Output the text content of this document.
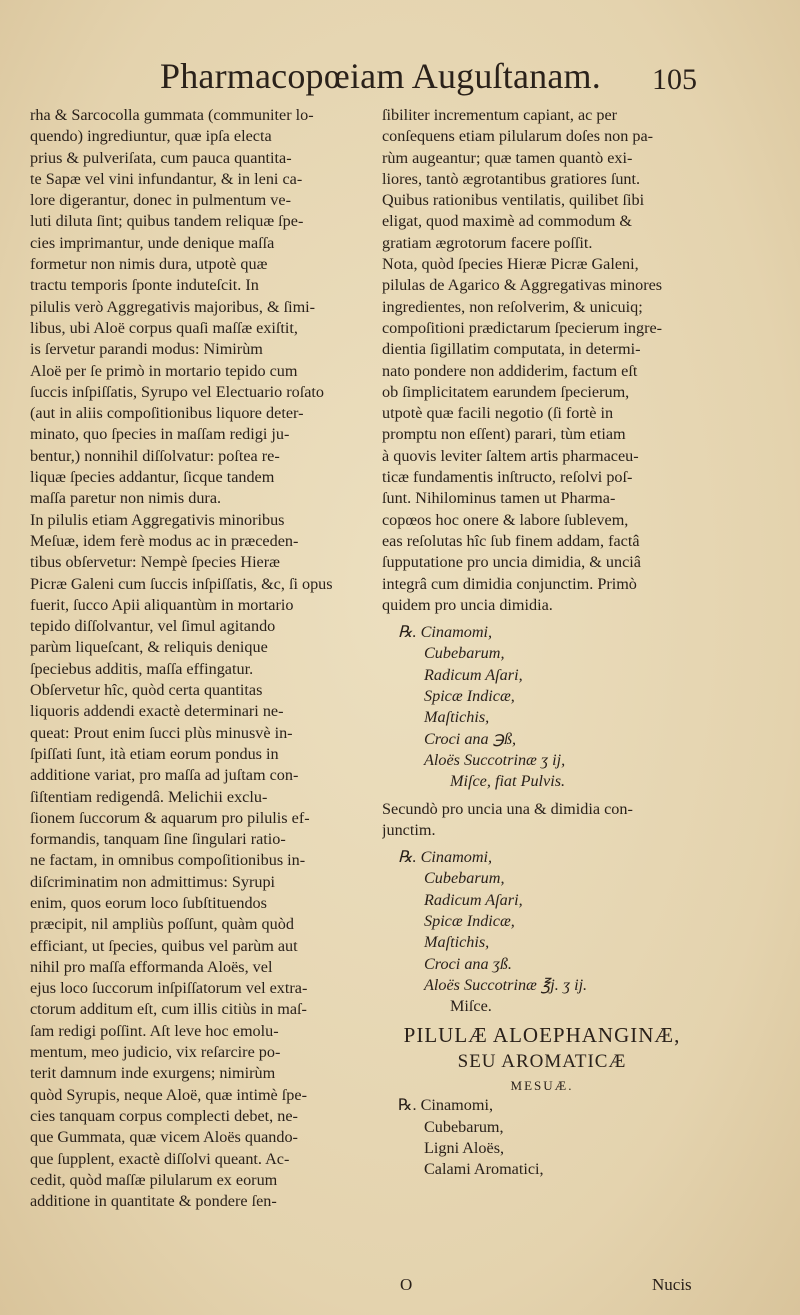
Pharmacopœiam Auguſtanam. 105
rha & Sarcocolla gummata (communiter lo-
quendo) ingrediuntur, quæ ipſa electa
prius & pulveriſata, cum pauca quantita-
te Sapæ vel vini infundantur, & in leni ca-
lore digerantur, donec in pulmentum ve-
luti diluta ſint; quibus tandem reliquæ ſpe-
cies imprimantur, unde denique maſſa
formetur non nimis dura, utpotè quæ
tractu temporis ſponte induteſcit. In
pilulis verò Aggregativis majoribus, & ſimi-
libus, ubi Aloë corpus quaſi maſſæ exiſtit,
is ſervetur parandi modus: Nimirùm
Aloë per ſe primò in mortario tepido cum
ſuccis inſpiſſatis, Syrupo vel Electuario roſato
(aut in aliis compoſitionibus liquore deter-
minato, quo ſpecies in maſſam redigi ju-
bentur,) nonnihil diſſolvatur: poſtea re-
liquæ ſpecies addantur, ſicque tandem
maſſa paretur non nimis dura.
In pilulis etiam Aggregativis minoribus
Meſuæ, idem ferè modus ac in præceden-
tibus obſervetur: Nempè ſpecies Hieræ
Picræ Galeni cum ſuccis inſpiſſatis, &c, ſi opus
fuerit, ſucco Apii aliquantùm in mortario
tepido diſſolvantur, vel ſimul agitando
parùm liqueſcant, & reliquis denique
ſpeciebus additis, maſſa effingatur.
Obſervetur hîc, quòd certa quantitas
liquoris addendi exactè determinari ne-
queat: Prout enim ſucci plùs minusvè in-
ſpiſſati ſunt, ità etiam eorum pondus in
additione variat, pro maſſa ad juſtam con-
ſiſtentiam redigendâ. Melichii exclu-
ſionem ſuccorum & aquarum pro pilulis ef-
formandis, tanquam ſine ſingulari ratio-
ne factam, in omnibus compoſitionibus in-
diſcriminatim non admittimus: Syrupi
enim, quos eorum loco ſubſtituendos
præcipit, nil ampliùs poſſunt, quàm quòd
efficiant, ut ſpecies, quibus vel parùm aut
nihil pro maſſa efformanda Aloës, vel
ejus loco ſuccorum inſpiſſatorum vel extra-
ctorum additum eſt, cum illis citiùs in maſ-
ſam redigi poſſint. Aſt leve hoc emolu-
mentum, meo judicio, vix reſarcire po-
terit damnum inde exurgens; nimirùm
quòd Syrupis, neque Aloë, quæ intimè ſpe-
cies tanquam corpus complecti debet, ne-
que Gummata, quæ vicem Aloës quando-
que ſupplent, exactè diſſolvi queant. Ac-
cedit, quòd maſſæ pilularum ex eorum
additione in quantitate & pondere ſen-
ſibiliter incrementum capiant, ac per
conſequens etiam pilularum doſes non pa-
rùm augeantur; quæ tamen quantò exi-
liores, tantò ægrotantibus gratiores ſunt.
Quibus rationibus ventilatis, quilibet ſibi
eligat, quod maximè ad commodum &
gratiam ægrotorum facere poſſit.
Nota, quòd ſpecies Hieræ Picræ Galeni,
pilulas de Agarico & Aggregativas minores
ingredientes, non reſolverim, & unicuiq;
compoſitioni prædictarum ſpecierum ingre-
dientia ſigillatim computata, in determi-
nato pondere non addiderim, factum eſt
ob ſimplicitatem earundem ſpecierum,
utpotè quæ facili negotio (ſi fortè in
promptu non eſſent) parari, tùm etiam
à quovis leviter ſaltem artis pharmaceu-
ticæ fundamentis inſtructo, reſolvi poſ-
ſunt. Nihilominus tamen ut Pharma-
copœos hoc onere & labore ſublevem,
eas reſolutas hîc ſub finem addam, factâ
ſupputatione pro uncia dimidia, & unciâ
integrâ cum dimidia conjunctim. Primò
quidem pro uncia dimidia.
℞. Cinamomi,
Cubebarum,
Radicum Aſari,
Spicæ Indicæ,
Maſtichis,
Croci ana ℈ß,
Aloës Succotrinæ ʒ ij,
Miſce, fiat Pulvis.
Secundò pro uncia una & dimidia con-
junctim.
℞. Cinamomi,
Cubebarum,
Radicum Aſari,
Spicæ Indicæ,
Maſtichis,
Croci ana ʒß.
Aloës Succotrinæ ℥j. ʒ ij.
Miſce.
PILULÆ ALOEPHANGINÆ,
SEU AROMATICÆ
MESUÆ.
℞. Cinamomi,
Cubebarum,
Ligni Aloës,
Calami Aromatici,
O	Nucis
